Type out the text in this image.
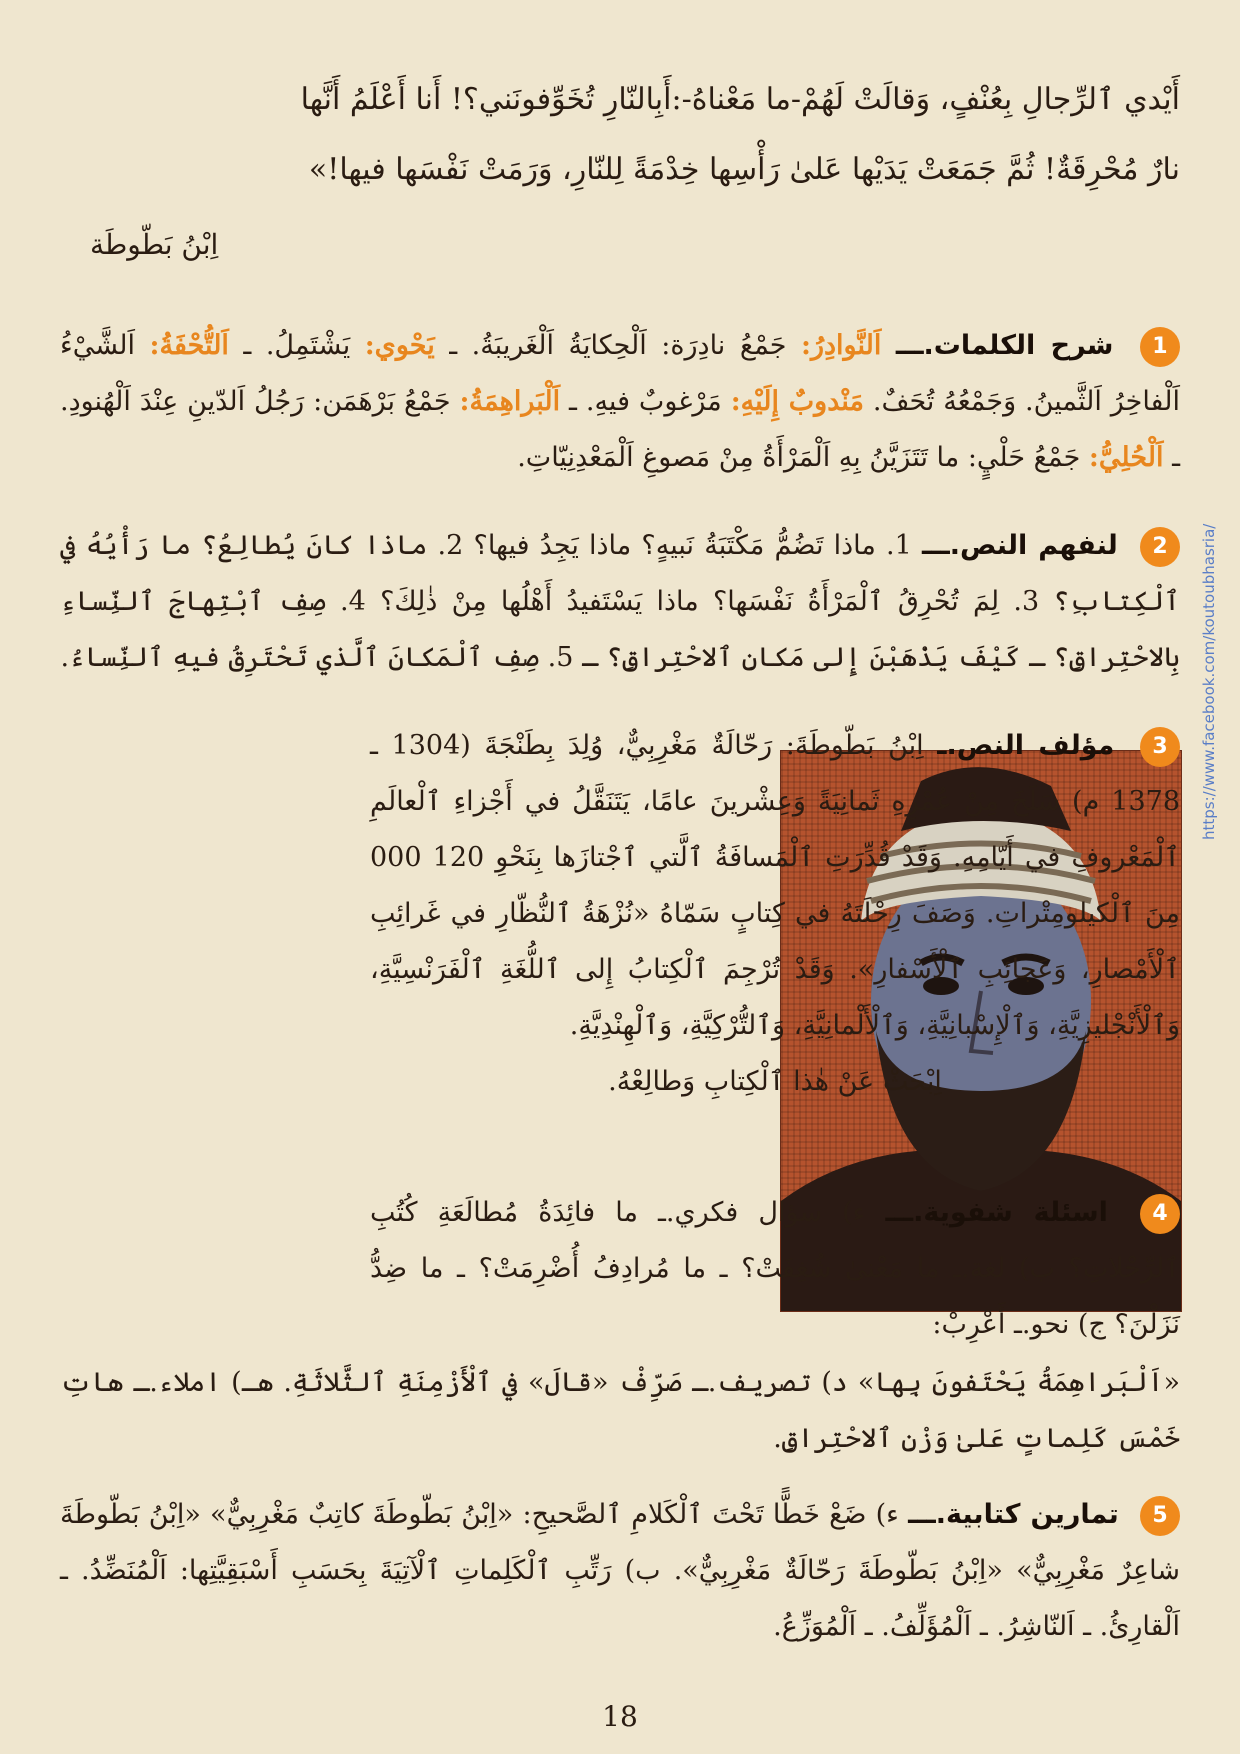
أَيْدي ٱلرِّجالِ بِعُنْفٍ، وَقالَتْ لَهُمْ-ما مَعْناهُ-:أَبِالنّارِ تُخَوِّفونَني؟! أَنا أَعْلَمُ أَنَّها
نارٌ مُحْرِقَةٌ! ثُمَّ جَمَعَتْ يَدَيْها عَلىٰ رَأْسِها خِدْمَةً لِلنّارِ، وَرَمَتْ نَفْسَها فيها!»
اِبْنُ بَطّوطَة
1 شرح الكلمات.ـــ اَلنَّوادِرُ: جَمْعُ نادِرَة: اَلْحِكايَةُ اَلْغَريبَةُ. ـ يَحْوي: يَشْتَمِلُ. ـ اَلتُّحْفَةُ: اَلشَّيْءُ اَلْفاخِرُ اَلثَّمينُ. وَجَمْعُهُ تُحَفٌ. مَنْدوبٌ إِلَيْهِ: مَرْغوبٌ فيهِ. ـ اَلْبَراهِمَةُ: جَمْعُ بَرْهَمَن: رَجُلُ اَلدّينِ عِنْدَ اَلْهُنودِ. ـ اَلْحُلِيُّ: جَمْعُ حَلْيٍ: ما تَتَزَيَّنُ بِهِ اَلْمَرْأَةُ مِنْ مَصوغِ اَلْمَعْدِنِيّاتِ.
2 لنفهم النص.ـــ 1. ماذا تَضُمُّ مَكْتَبَةُ نَبيهٍ؟ ماذا يَجِدُ فيها؟ 2. ماذا كانَ يُطالِعُ؟ ما رَأْيُهُ في ٱلْكِتابِ؟ 3. لِمَ تُحْرِقُ ٱلْمَرْأَةُ نَفْسَها؟ ماذا يَسْتَفيدُ أَهْلُها مِنْ ذٰلِكَ؟ 4. صِفِ ٱبْتِهاجَ ٱلنِّساءِ بِالاحْتِراقِ؟ ـ كَيْفَ يَذْهَبْنَ إِلى مَكانِ ٱلاحْتِراقِ؟ ـ 5. صِفِ ٱلْمَكانَ ٱلَّذي تَحْتَرِقُ فيهِ ٱلنِّساءُ.
3 مؤلف النص.ـ اِبْنُ بَطّوطَةَ: رَحّالَةٌ مَغْرِبِيٌّ، وُلِدَ بِطَنْجَةَ (1304 ـ 1378 م) سَلَخَ مِنْ عُمْرِهِ ثَمانِيَةً وَعِشْرينَ عامًا، يَتَنَقَّلُ في أَجْزاءِ ٱلْعالَمِ ٱلْمَعْروفِ في أَيّامِهِ. وَقَدْ قُدِّرَتِ ٱلْمَسافَةُ ٱلَّتي ٱجْتازَها بِنَحْوِ 120 000 مِنَ ٱلْكيلومِتْراتِ. وَصَفَ رِحْلَتَهُ في كِتابٍ سَمّاهُ «نُزْهَةُ ٱلنُّظّارِ في غَرائِبِ ٱلْأَمْصارِ، وَعَجائِبِ ٱلْأَسْفارِ». وَقَدْ تُرْجِمَ ٱلْكِتابُ إِلى ٱللُّغَةِ ٱلْفَرَنْسِيَّةِ، وَٱلْأَنْجْليزِيَّةِ، وَٱلْإِسْبانِيَّةِ، وَٱلْأَلْمانِيَّةِ، وَٱلتُّرْكِيَّةِ، وَٱلْهِنْدِيَّةِ.
اِبْحَثْ عَنْ هٰذا ٱلْكِتابِ وَطالِعْهُ.
4 اسئلة شفوية.ـــ ء) سؤال فكري.ـ ما فائِدَةُ مُطالَعَةِ كُتُبِ ٱلرِّحْلاتِ؟ ب) لغة.ـ ما مَعْنىٰ شُغِفَتْ؟ ـ ما مُرادِفُ أُضْرِمَتْ؟ ـ ما ضِدُّ نَزَلْنَ؟ ج) نحو.ـ أَعْرِبْ:
«اَلْبَراهِمَةُ يَحْتَفونَ بِها» د) تصريف.ـ صَرِّفْ «قالَ» في ٱلْأَزْمِنَةِ ٱلثَّلاثَةِ. هـ) املاء.ـ هاتِ خَمْسَ كَلِماتٍ عَلىٰ وَزْنِ ٱلاحْتِراقِ.
5 تمارين كتابية.ـــ ء) ضَعْ خَطًّا تَحْتَ ٱلْكَلامِ ٱلصَّحيحِ: «اِبْنُ بَطّوطَةَ كاتِبٌ مَغْرِبِيٌّ» «اِبْنُ بَطّوطَةَ شاعِرٌ مَغْرِبِيٌّ» «اِبْنُ بَطّوطَةَ رَحّالَةٌ مَغْرِبِيٌّ». ب) رَتِّبِ ٱلْكَلِماتِ ٱلْآتِيَةَ بِحَسَبِ أَسْبَقِيَّتِها: اَلْمُنَضِّدُ. ـ اَلْقارِئُ. ـ اَلنّاشِرُ. ـ اَلْمُؤَلِّفُ. ـ اَلْمُوَزِّعُ.
https://www.facebook.com/koutoubhasria/
18
